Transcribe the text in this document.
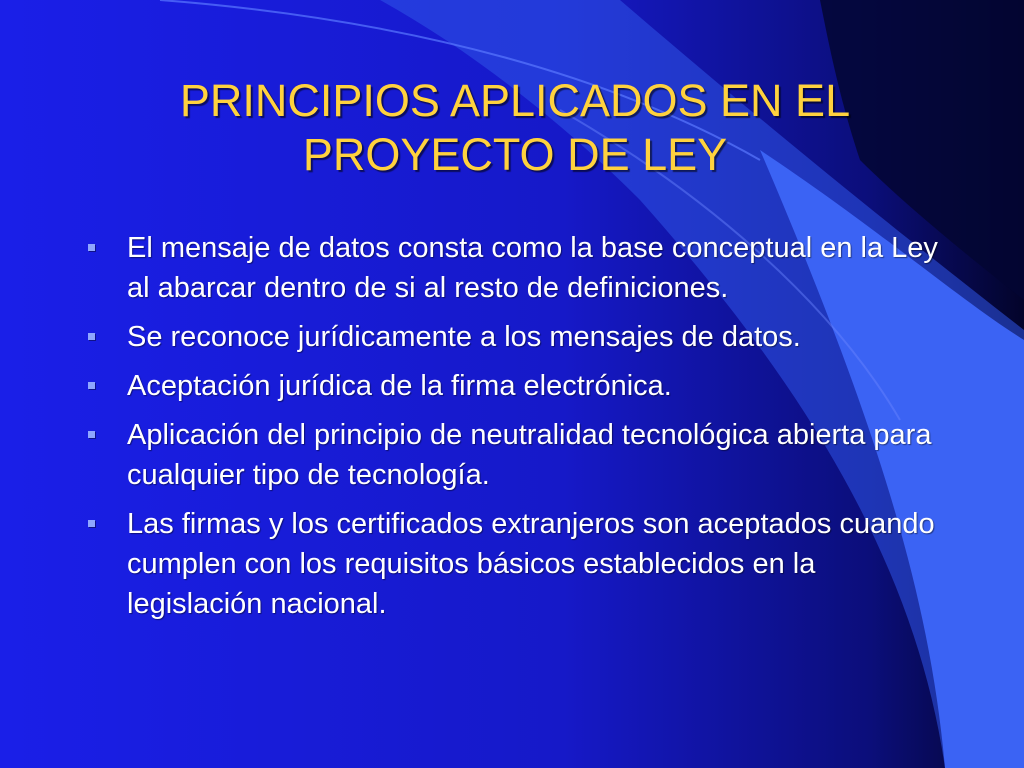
PRINCIPIOS APLICADOS EN EL
PROYECTO DE LEY
El mensaje de datos consta como la base conceptual en la Ley al abarcar dentro de si al resto de definiciones.
Se reconoce jurídicamente a los mensajes de datos.
Aceptación jurídica de la firma electrónica.
Aplicación del principio de neutralidad tecnológica abierta para cualquier tipo de tecnología.
Las firmas y los certificados extranjeros son aceptados cuando cumplen con los requisitos básicos establecidos en la legislación nacional.
